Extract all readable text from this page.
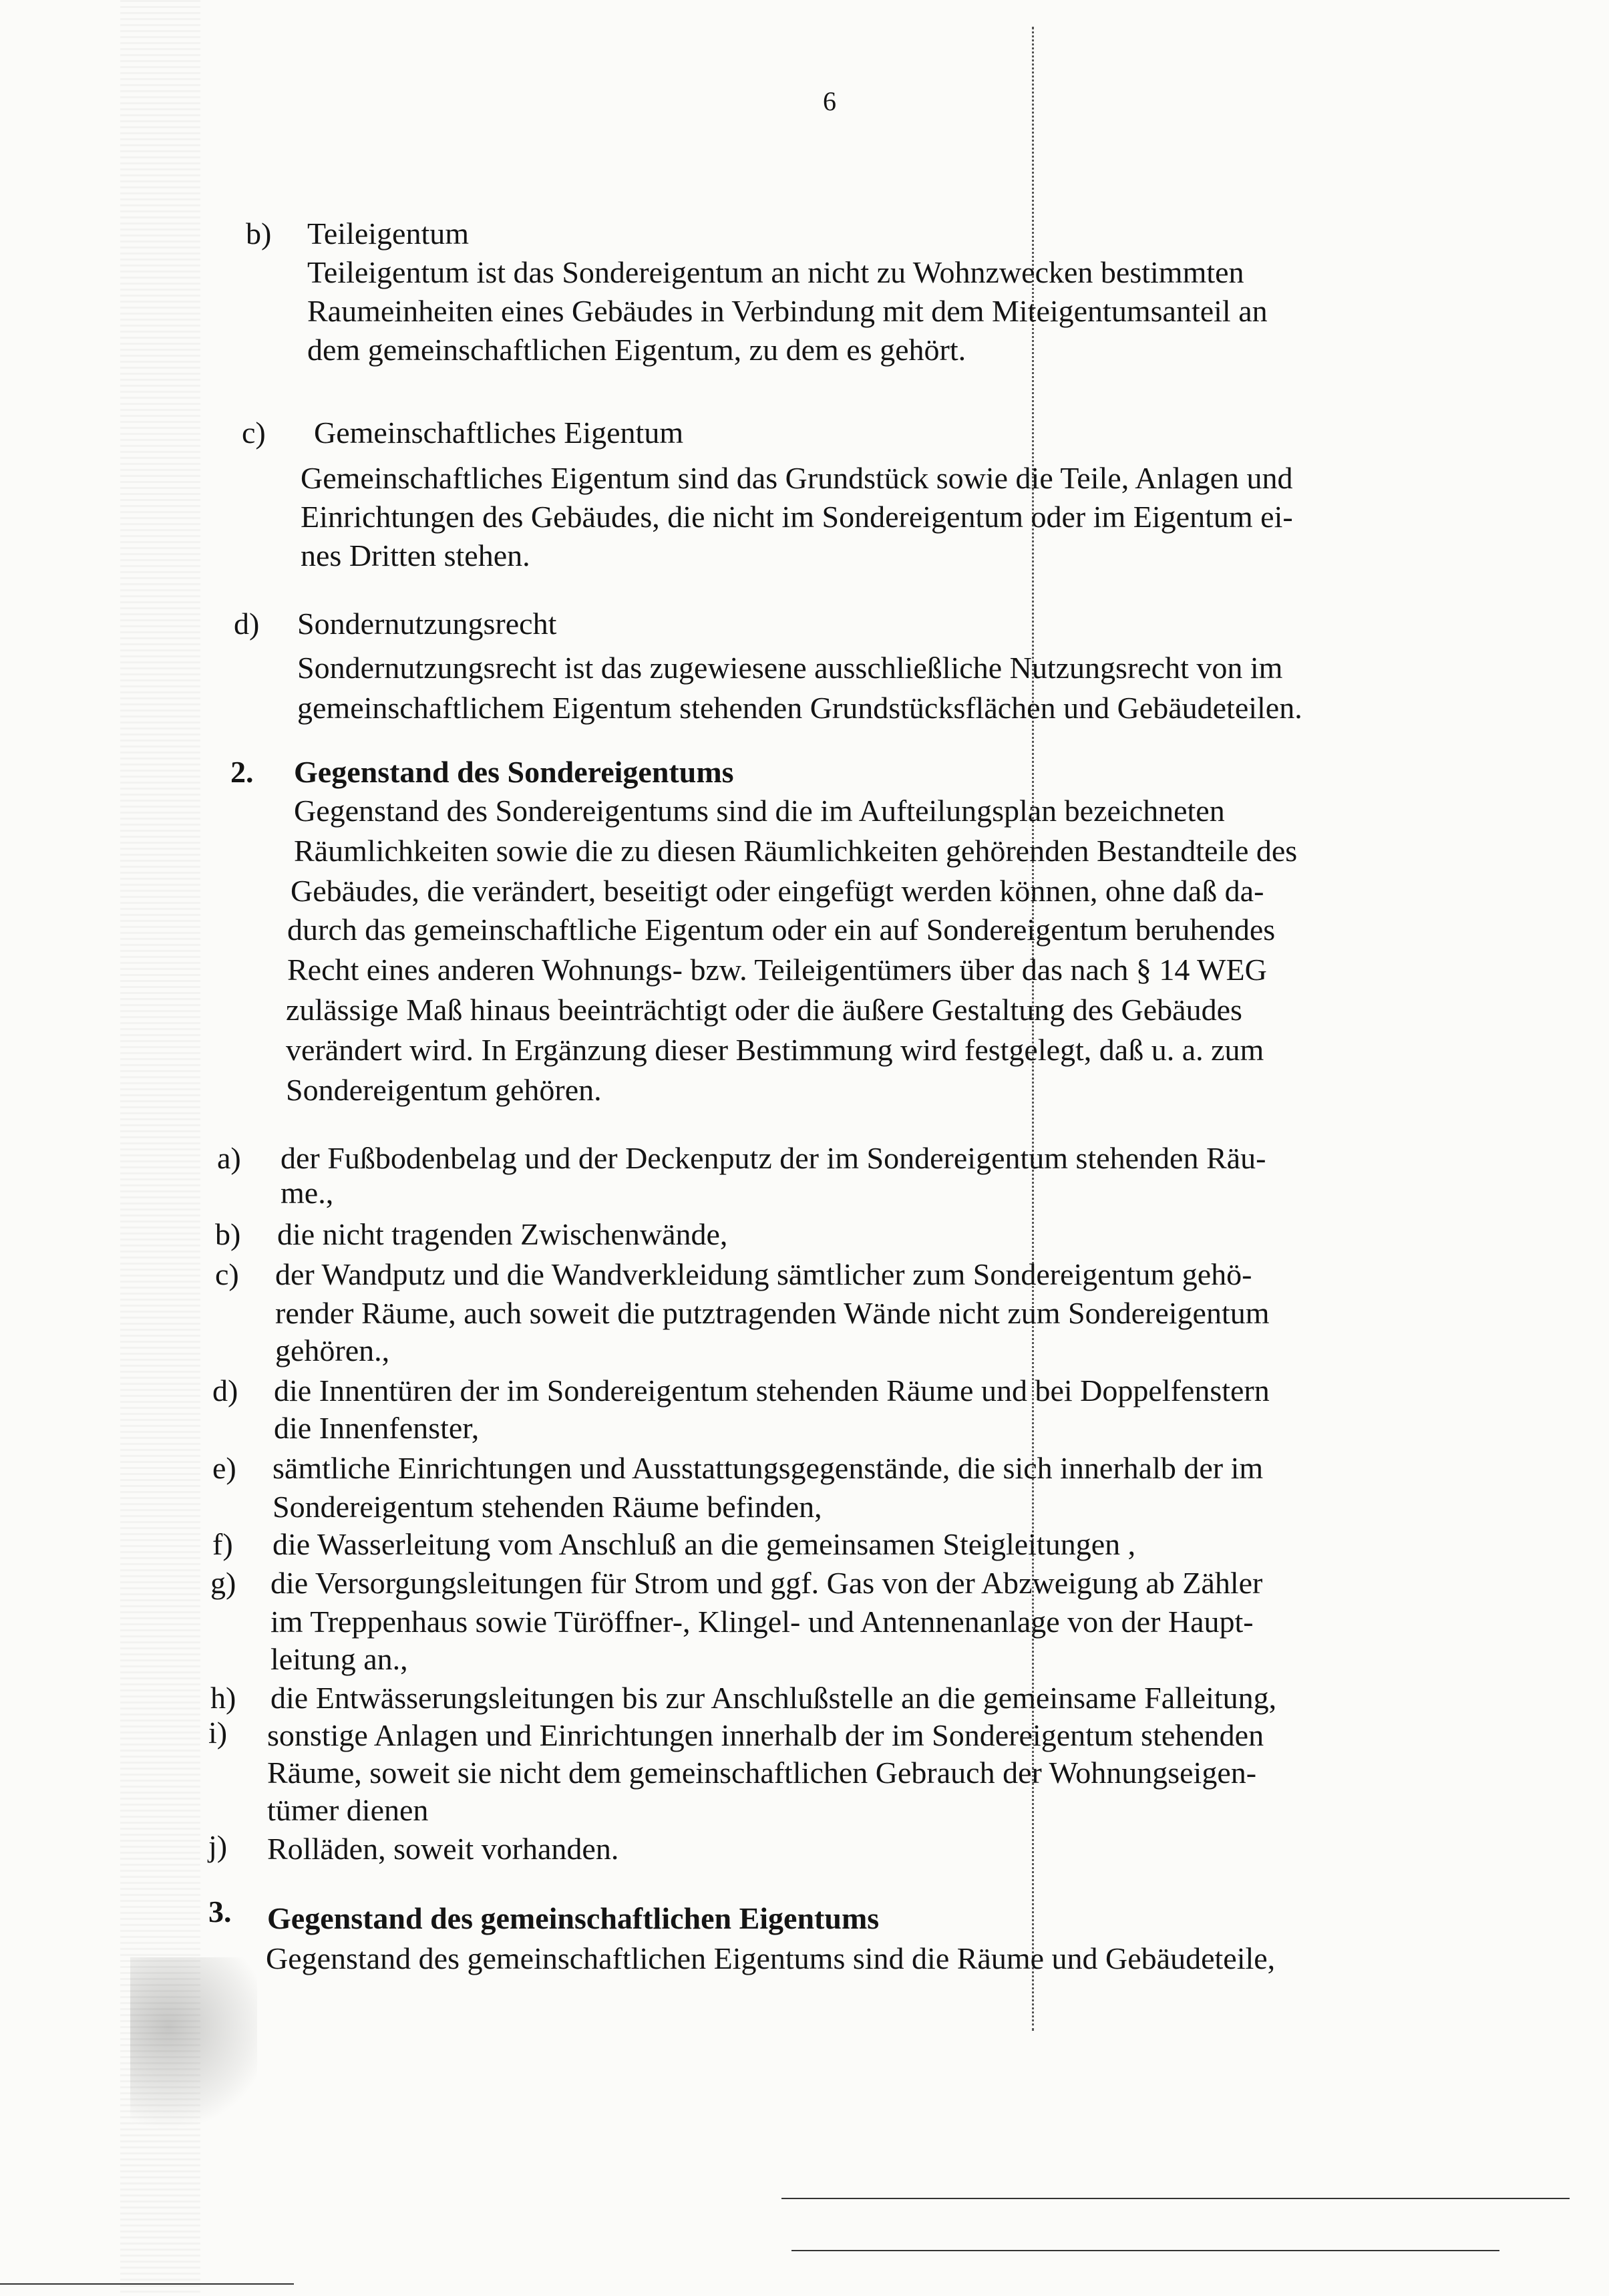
6
b) Teileigentum
Teileigentum ist das Sondereigentum an nicht zu Wohnzwecken bestimmten
Raumeinheiten eines Gebäudes in Verbindung mit dem Miteigentumsanteil an
dem gemeinschaftlichen Eigentum, zu dem es gehört.
c) Gemeinschaftliches Eigentum
Gemeinschaftliches Eigentum sind das Grundstück sowie die Teile, Anlagen und
Einrichtungen des Gebäudes, die nicht im Sondereigentum oder im Eigentum ei-
nes Dritten stehen.
d) Sondernutzungsrecht
Sondernutzungsrecht ist das zugewiesene ausschließliche Nutzungsrecht von im
gemeinschaftlichem Eigentum stehenden Grundstücksflächen und Gebäudeteilen.
2. Gegenstand des Sondereigentums
Gegenstand des Sondereigentums sind die im Aufteilungsplan bezeichneten
Räumlichkeiten sowie die zu diesen Räumlichkeiten gehörenden Bestandteile des
Gebäudes, die verändert, beseitigt oder eingefügt werden können, ohne daß da-
durch das gemeinschaftliche Eigentum oder ein auf Sondereigentum beruhendes
Recht eines anderen Wohnungs- bzw. Teileigentümers über das nach § 14 WEG
zulässige Maß hinaus beeinträchtigt oder die äußere Gestaltung des Gebäudes
verändert wird. In Ergänzung dieser Bestimmung wird festgelegt, daß u. a. zum
Sondereigentum gehören.
a) der Fußbodenbelag und der Deckenputz der im Sondereigentum stehenden Räu-
me.,
b) die nicht tragenden Zwischenwände,
c) der Wandputz und die Wandverkleidung sämtlicher zum Sondereigentum gehö-
render Räume, auch soweit die putztragenden Wände nicht zum Sondereigentum
gehören.,
d) die Innentüren der im Sondereigentum stehenden Räume und bei Doppelfenstern
die Innenfenster,
e) sämtliche Einrichtungen und Ausstattungsgegenstände, die sich innerhalb der im
Sondereigentum stehenden Räume befinden,
f) die Wasserleitung vom Anschluß an die gemeinsamen Steigleitungen ,
g) die Versorgungsleitungen für Strom und ggf. Gas von der Abzweigung ab Zähler
im Treppenhaus sowie Türöffner-, Klingel- und Antennenanlage von der Haupt-
leitung an.,
h) die Entwässerungsleitungen bis zur Anschlußstelle an die gemeinsame Falleitung,
i) sonstige Anlagen und Einrichtungen innerhalb der im Sondereigentum stehenden
Räume, soweit sie nicht dem gemeinschaftlichen Gebrauch der Wohnungseigen-
tümer dienen
j) Rolläden, soweit vorhanden.
3. Gegenstand des gemeinschaftlichen Eigentums
Gegenstand des gemeinschaftlichen Eigentums sind die Räume und Gebäudeteile,
